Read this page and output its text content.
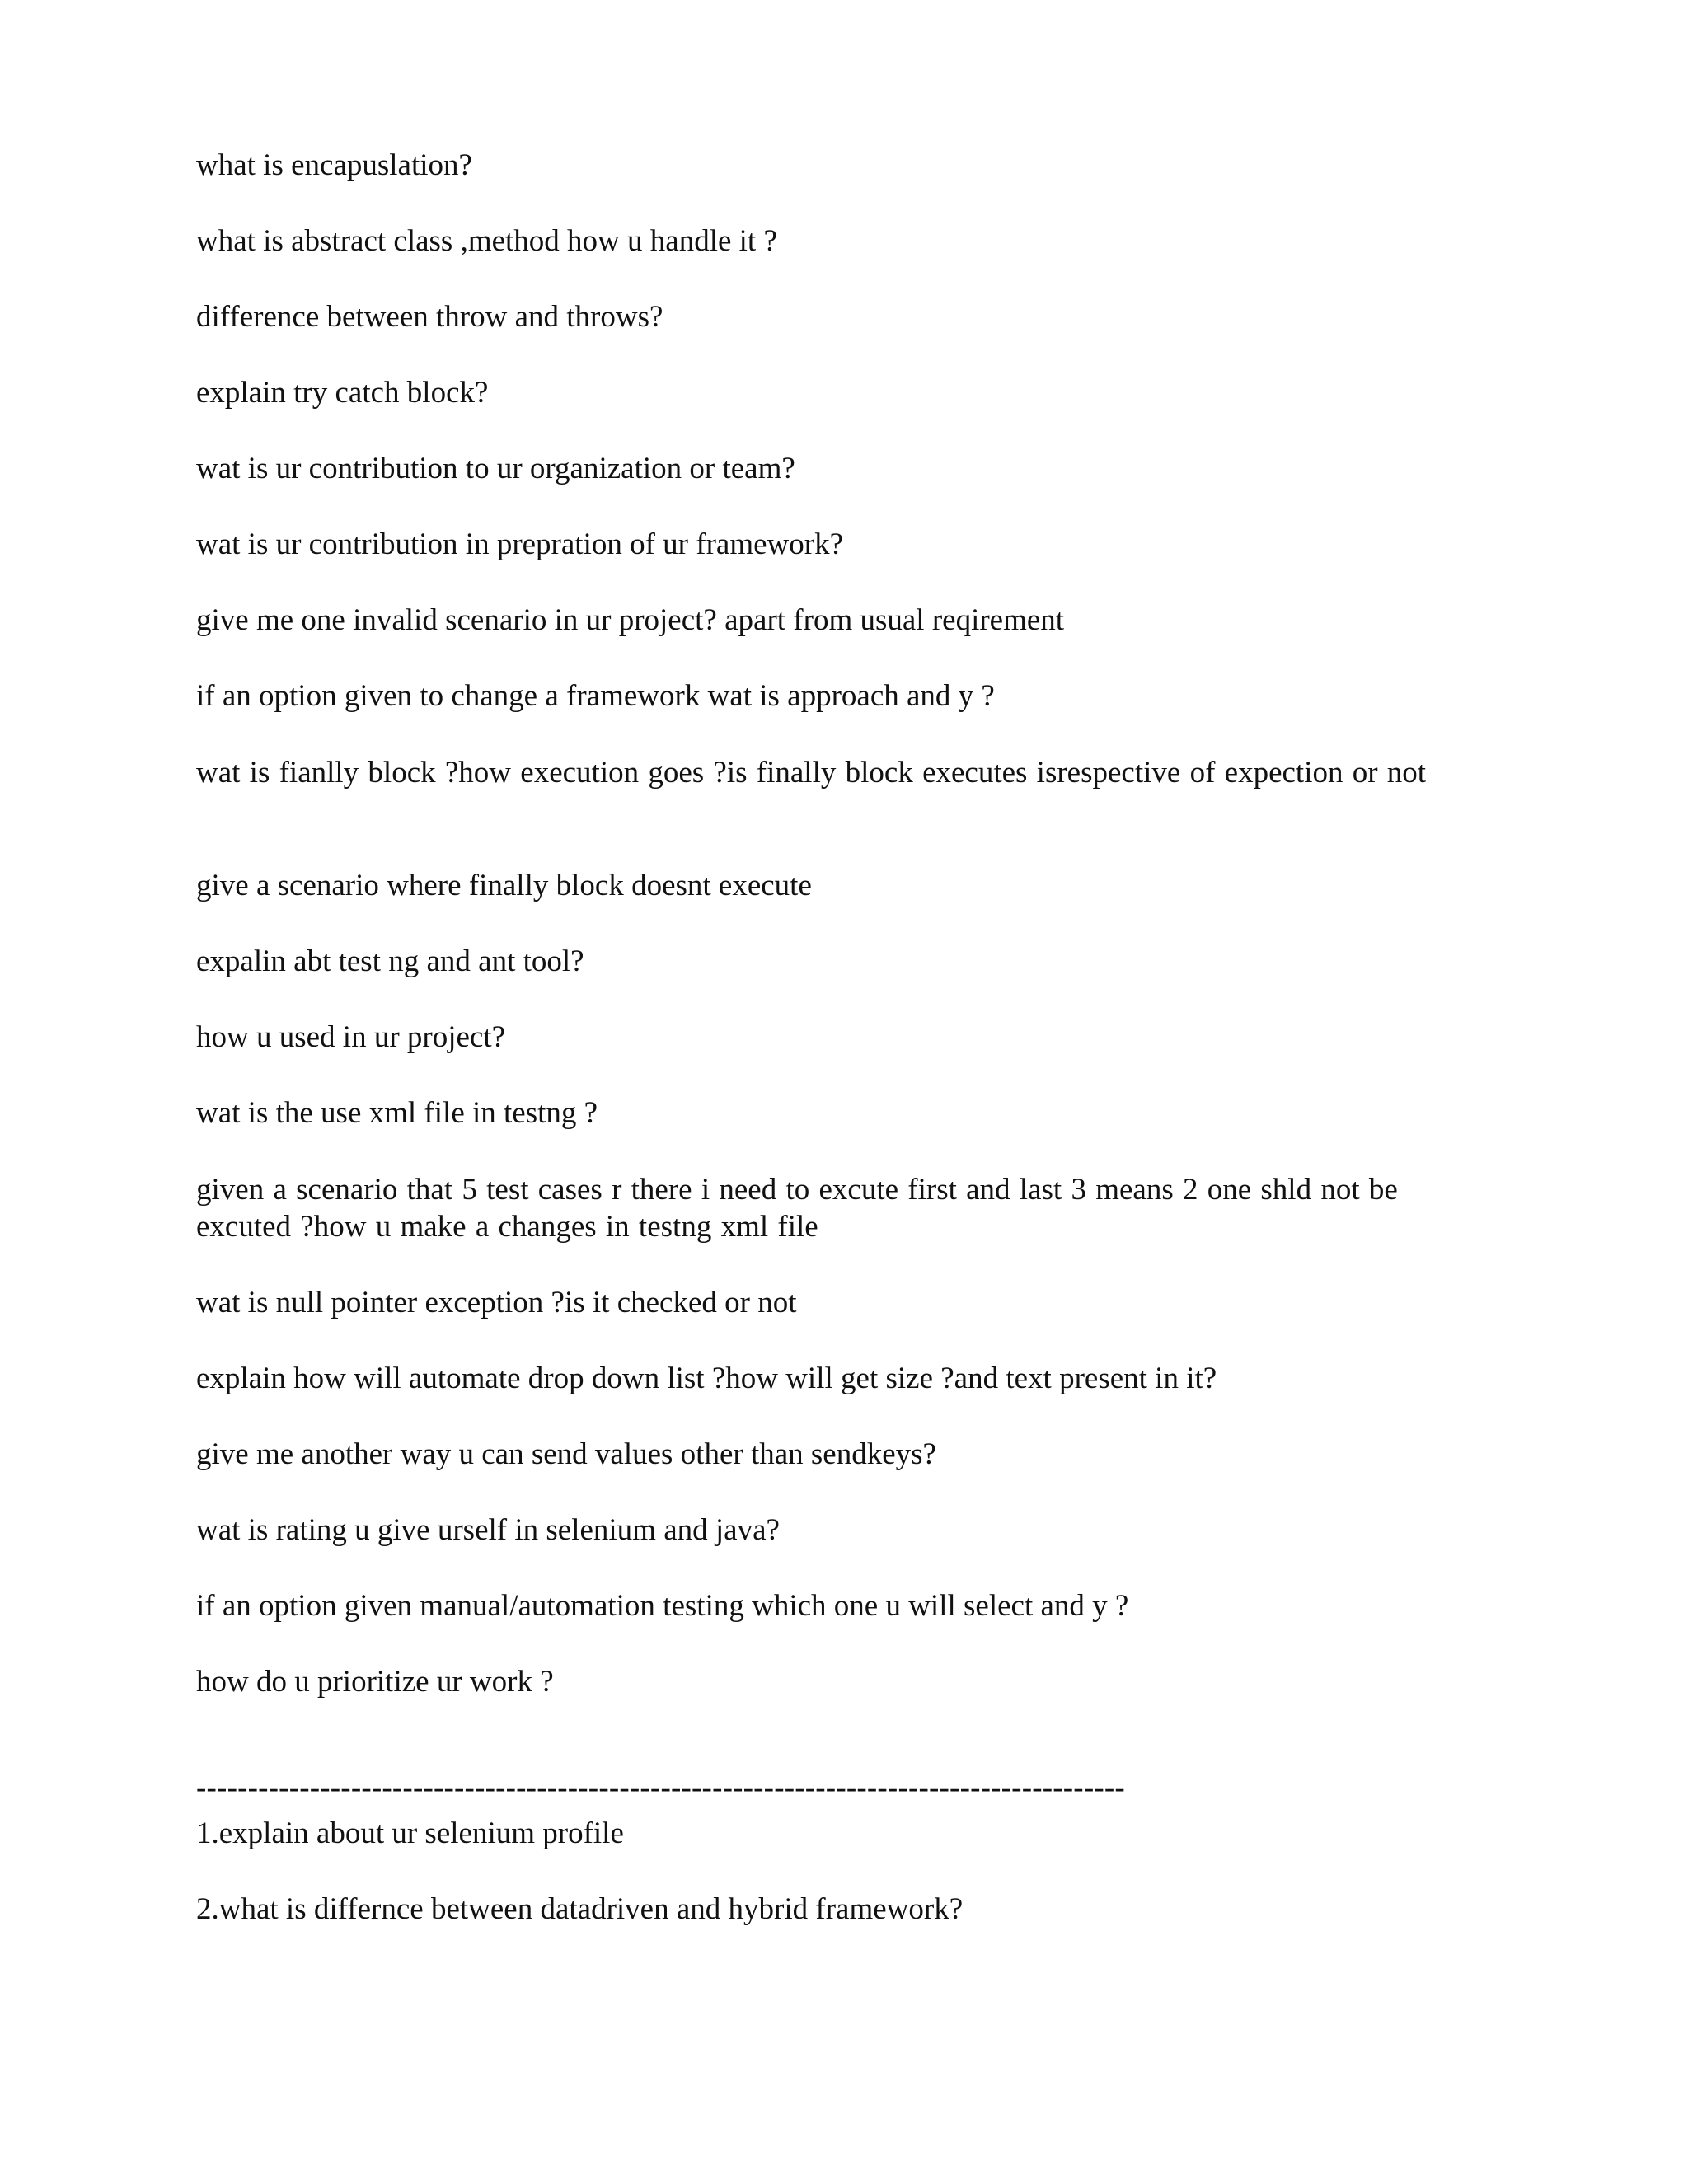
what is encapuslation?

what is abstract class ,method how u handle it ?

difference between throw and throws?

explain try catch block?

wat is ur contribution to ur organization or team?

wat is ur contribution in prepration of ur framework?

give me one invalid scenario in ur project? apart from usual reqirement

if an option given to change a framework wat is approach and y ?

wat is fianlly block ?how execution goes ?is finally block executes isrespective of expection or not

give a scenario where finally block doesnt execute

expalin abt test ng and ant tool?

how u used in ur project?

wat is the use xml file in testng ?

given a scenario that 5 test cases r there i need to excute first and last 3 means 2 one shld not be excuted ?how u make a changes in testng xml file

wat is null pointer exception ?is it checked or not

explain how will automate drop down list ?how will get size ?and text present in it?

give me another way u can send values other than sendkeys?

wat is rating u give urself in selenium and java?

if an option given manual/automation testing which one u will select and y ?

how do u prioritize ur work ?

------------------------------------------------------------------------------------------

1.explain about ur selenium profile

2.what is differnce between datadriven and hybrid framework?
